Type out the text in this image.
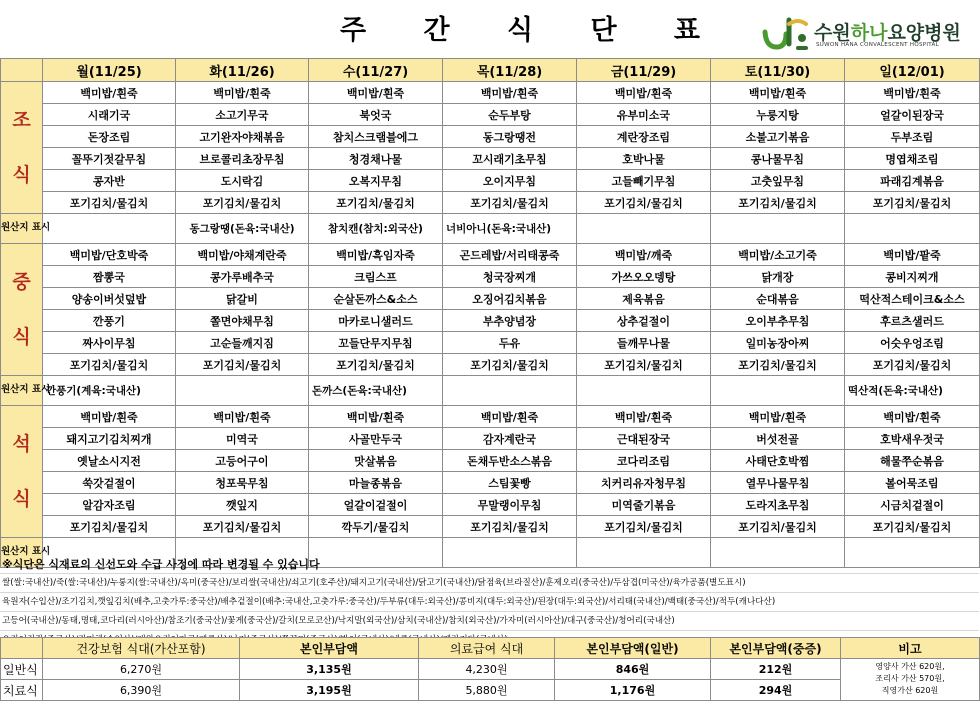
주 간 식 단 표	수원하나요양병원
SUWON HANA CONVALESCENT HOSPITAL
	월(11/25)	화(11/26)	수(11/27)	목(11/28)	금(11/29)	토(11/30)	일(12/01)

조
식	백미밥/흰죽	백미밥/흰죽	백미밥/흰죽	백미밥/흰죽	백미밥/흰죽	백미밥/흰죽	백미밥/흰죽
	시래기국	소고기무국	북엇국	순두부탕	유부미소국	누룽지탕	얼갈이된장국
	돈장조림	고기완자야채볶음	참치스크램블에그	동그랑땡전	계란장조림	소불고기볶음	두부조림
	꼴뚜기젓갈무침	브로콜리초장무침	청경채나물	꼬시래기초무침	호박나물	콩나물무침	명엽채조림
	콩자반	도시락김	오복지무침	오이지무침	고들빼기무침	고춧잎무침	파래김계볶음
	포기김치/물김치	포기김치/물김치	포기김치/물김치	포기김치/물김치	포기김치/물김치	포기김치/물김치	포기김치/물김치
원산지 표시		동그랑땡(돈육:국내산)	참치캔(참치:외국산)	너비아니(돈육:국내산)			

중
식	백미밥/단호박죽	백미밥/야채계란죽	백미밥/흑임자죽	곤드레밥/서리태콩죽	백미밥/깨죽	백미밥/소고기죽	백미밥/팥죽
	짬뽕국	콩가루배추국	크림스프	청국장찌개	가쓰오오뎅탕	닭개장	콩비지찌개
	양송이버섯덮밥	닭갈비	순살돈까스&소스	오징어김치볶음	제육볶음	순대볶음	떡산적스테이크&소스
	깐풍기	쫄면야채무침	마카로니샐러드	부추양념장	상추겉절이	오이부추무침	후르츠샐러드
	짜사이무침	고순들깨지짐	꼬들단무지무침	두유	들깨무나물	일미농장아찌	어슷우엉조림
	포기김치/물김치	포기김치/물김치	포기김치/물김치	포기김치/물김치	포기김치/물김치	포기김치/물김치	포기김치/물김치
원산지 표시	깐풍기(계육:국내산)		돈까스(돈육:국내산)				떡산적(돈육:국내산)

석
식	백미밥/흰죽	백미밥/흰죽	백미밥/흰죽	백미밥/흰죽	백미밥/흰죽	백미밥/흰죽	백미밥/흰죽
	돼지고기김치찌개	미역국	사골만두국	감자계란국	근대된장국	버섯전골	호박새우젓국
	옛날소시지전	고등어구이	맛살볶음	돈채두반소스볶음	코다리조림	사태단호박찜	해물쭈순볶음
	쑥갓겉절이	청포묵무침	마늘종볶음	스팀꽃빵	치커리유자청무침	열무나물무침	볼어묵조림
	알감자조림	깻잎지	얼갈이겉절이	무말랭이무침	미역줄기볶음	도라지초무침	시금치겉절이
	포기김치/물김치	포기김치/물김치	깍두기/물김치	포기김치/물김치	포기김치/물김치	포기김치/물김치	포기김치/물김치
원산지 표시							
※식단은 식재료의 신선도와 수급 사정에 따라 변경될 수 있습니다
쌀(쌀:국내산)/죽(쌀:국내산)/누룽지(쌀:국내산)/옥미(중국산)/보리쌀(국내산)/쇠고기(호주산)/돼지고기(국내산)/닭고기(국내산)/닭점육(브라질산)/훈제오리(중국산)/두삼겹(미국산)/육가공품(별도표시)
육원자(수입산)/조기김치,깻잎김치(배추,고춧가루:중국산)/배추겉절이(배추:국내산,고춧가루:중국산)/두부류(대두:외국산)/콩비지(대두:외국산)/된장(대두:외국산)/서리태(국내산)/백태(중국산)/적두(캐나다산)
고등어(국내산)/동태,명태,코다리(러시아산)/참조기(중국산)/꽃게(중국산)/갈치(모로코산)/낙지말(외국산)/삼치(국내산)/참치(외국산)/가자미(러시아산)/대구(중국산)/청어리(국내산)
	건강보험 식대(가산포함)	본인부담액	의료급여 식대	본인부담액(일반)	본인부담액(중증)	비고
일반식	6,270원	3,135원	4,230원	846원	212원	영양사 가산 620원,
조리사 가산 570원,
직영가산 620원

치료식	6,390원	3,195원	5,880원	1,176원	294원	
